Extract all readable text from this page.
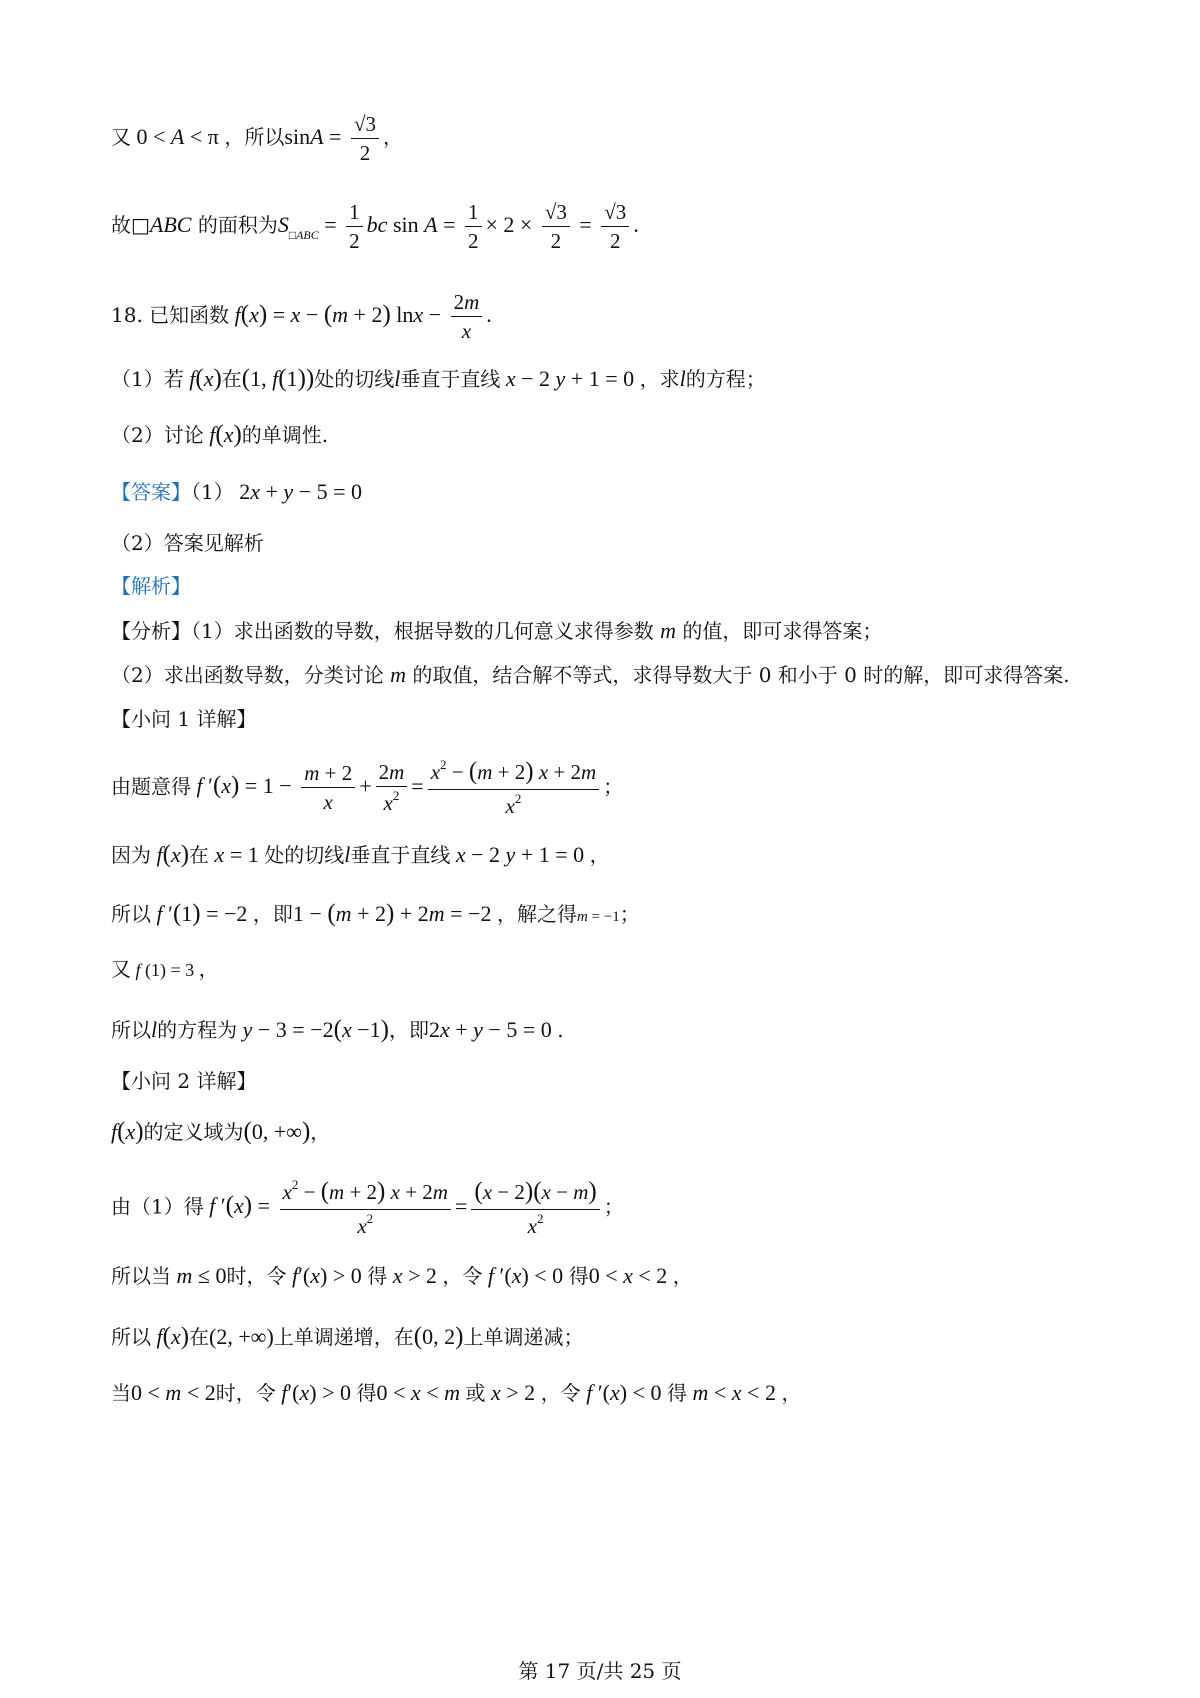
又 0 < A < π ，所以$\sin A = \frac{√3}{2}$ ，
故□ABC 的面积为$S_{□ABC} = \frac{1}{2}$ bc $\sin A = \frac{1}{2} \times 2 \times \frac{√3}{2} = \frac{√3}{2}$ .
18. 已知函数 f(x) = x − (m + 2) $\ln x - \frac{2m}{x}$ .
（1）若 f(x)在(1, f(1))处的切线l垂直于直线 x − 2 y + 1 = 0 ，求l的方程；
（2）讨论 f(x)的单调性.
【答案】（1） 2x + y − 5 = 0
（2）答案见解析
【解析】
【分析】（1）求出函数的导数，根据导数的几何意义求得参数 m 的值，即可求得答案；
（2）求出函数导数，分类讨论 m 的取值，结合解不等式，求得导数大于 0 和小于 0 时的解，即可求得答案.
【小问 1 详解】
由题意得 f $'(x) = 1 - \frac{m + 2}{x} + \frac{2m}{x^2} = \frac{x^2 - (m + 2) x + 2m}{x^2}$ ；
因为 f(x)在 x = 1 处的切线l垂直于直线 x − 2 y + 1 = 0 ，
所以 f ′(1) = −2 ，即1 − (m + 2) + 2m = −2 ，解之得m = −1；
又 f (1) = 3 ，
所以l的方程为 y − 3 = −2(x −1)，即2x + y − 5 = 0 .
【小问 2 详解】
f(x)的定义域为(0, +∞)，
由（1）得 f $'(x) = \frac{x^2 - (m + 2) x + 2m}{x^2} = \frac{(x - 2)(x - m)}{x^2}$ ；
所以当 m ≤ 0时，令 f′(x) > 0 得 x > 2 ，令 f ′(x) < 0 得0 < x < 2 ，
所以 f(x)在(2, +∞)上单调递增，在(0, 2)上单调递减；
当0 < m < 2时，令 f′(x) > 0 得0 < x < m 或 x > 2 ，令 f ′(x) < 0 得 m < x < 2 ，
第 17 页/共 25 页
